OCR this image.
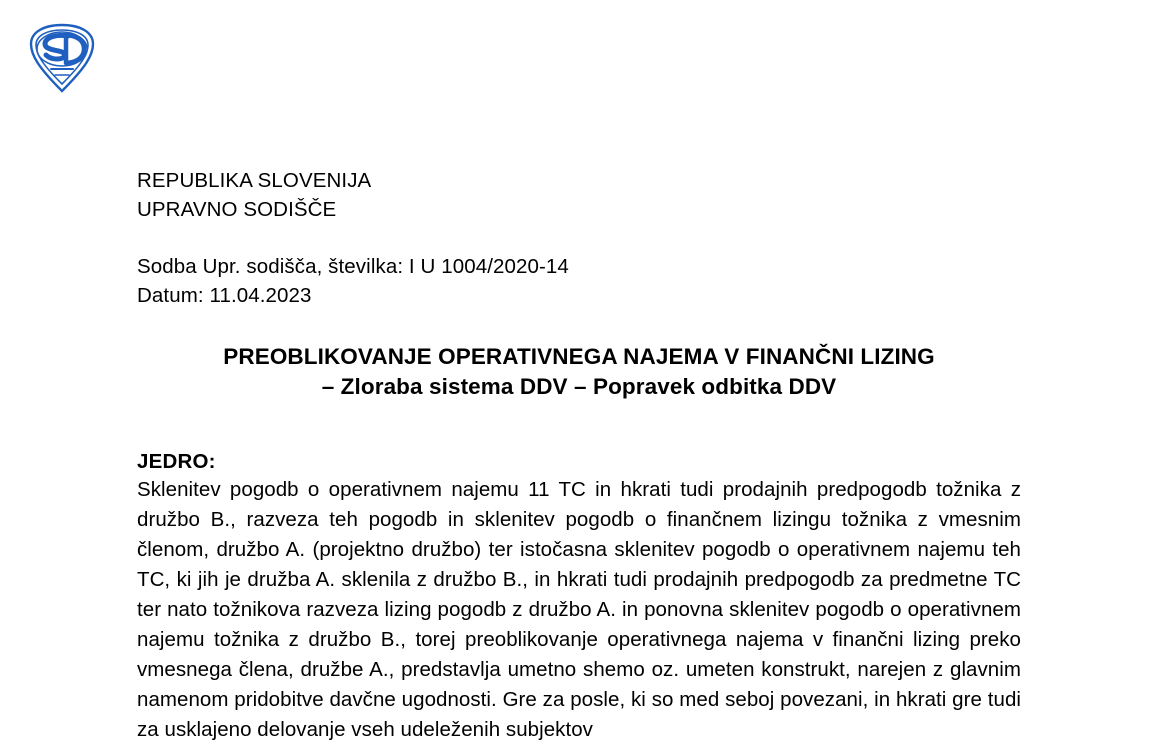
REPUBLIKA SLOVENIJA
UPRAVNO SODIŠČE
Sodba Upr. sodišča, številka: I U 1004/2020-14
Datum: 11.04.2023
PREOBLIKOVANJE OPERATIVNEGA NAJEMA V FINANČNI LIZING
– Zloraba sistema DDV – Popravek odbitka DDV
JEDRO:
Sklenitev pogodb o operativnem najemu 11 TC in hkrati tudi prodajnih predpogodb tožnika z družbo B., razveza teh pogodb in sklenitev pogodb o finančnem lizingu tožnika z vmesnim členom, družbo A. (projektno družbo) ter istočasna sklenitev pogodb o operativnem najemu teh TC, ki jih je družba A. sklenila z družbo B., in hkrati tudi prodajnih predpogodb za predmetne TC ter nato tožnikova razveza lizing pogodb z družbo A. in ponovna sklenitev pogodb o operativnem najemu tožnika z družbo B., torej preoblikovanje operativnega najema v finančni lizing preko vmesnega člena, družbe A., predstavlja umetno shemo oz. umeten konstrukt, narejen z glavnim namenom pridobitve davčne ugodnosti. Gre za posle, ki so med seboj povezani, in hkrati gre tudi za usklajeno delovanje vseh udeleženih subjektov
